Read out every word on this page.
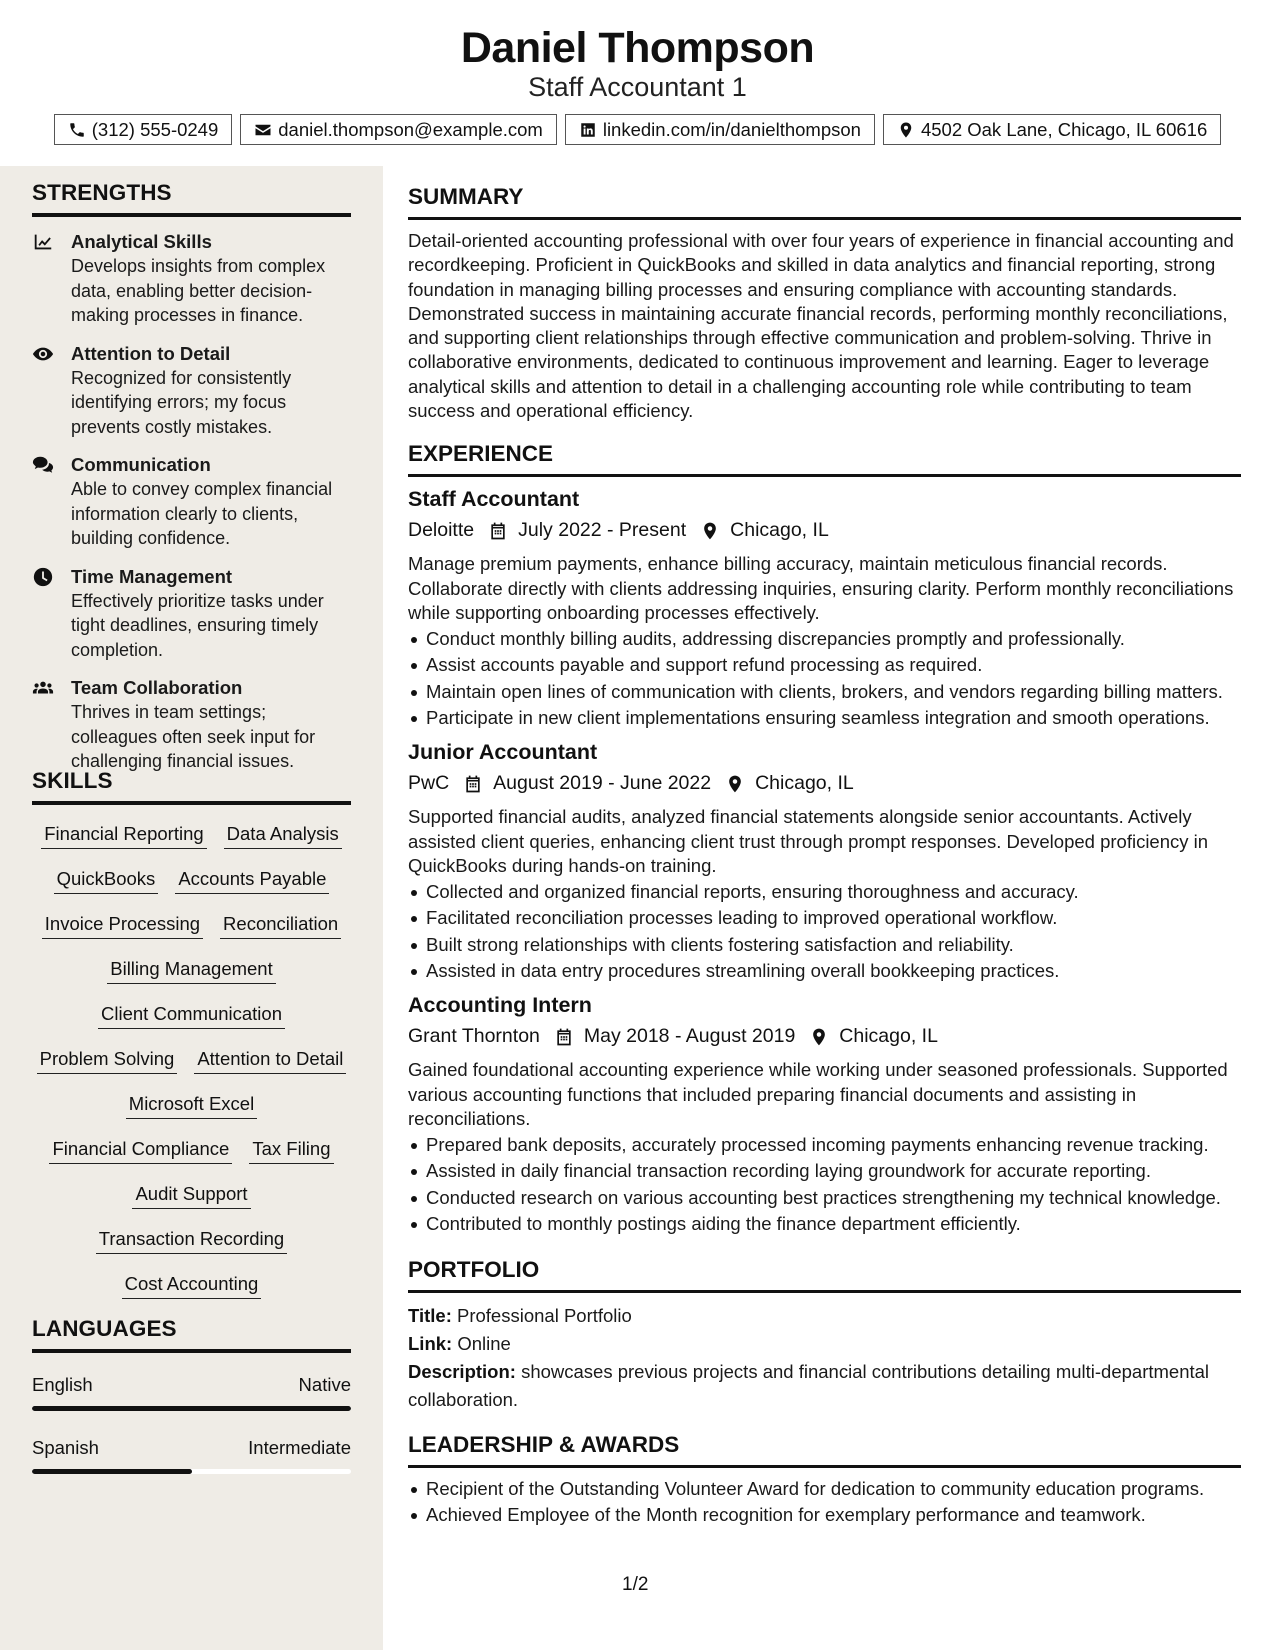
Daniel Thompson
Staff Accountant 1
(312) 555-0249	daniel.thompson@example.com	linkedin.com/in/danielthompson	4502 Oak Lane, Chicago, IL 60616
STRENGTHS
Analytical Skills
Develops insights from complex data, enabling better decision-making processes in finance.
Attention to Detail
Recognized for consistently identifying errors; my focus prevents costly mistakes.
Communication
Able to convey complex financial information clearly to clients, building confidence.
Time Management
Effectively prioritize tasks under tight deadlines, ensuring timely completion.
Team Collaboration
Thrives in team settings; colleagues often seek input for challenging financial issues.
SKILLS
Financial Reporting Data Analysis
QuickBooks Accounts Payable
Invoice Processing Reconciliation
Billing Management
Client Communication
Problem Solving Attention to Detail
Microsoft Excel
Financial Compliance Tax Filing
Audit Support
Transaction Recording
Cost Accounting
LANGUAGES
English	Native
Spanish	Intermediate
SUMMARY

Detail-oriented accounting professional with over four years of experience in financial accounting and recordkeeping. Proficient in QuickBooks and skilled in data analytics and financial reporting, strong foundation in managing billing processes and ensuring compliance with accounting standards. Demonstrated success in maintaining accurate financial records, performing monthly reconciliations, and supporting client relationships through effective communication and problem-solving. Thrive in collaborative environments, dedicated to continuous improvement and learning. Eager to leverage analytical skills and attention to detail in a challenging accounting role while contributing to team success and operational efficiency.

EXPERIENCE
Staff Accountant
Deloitte July 2022 - Present Chicago, IL

Manage premium payments, enhance billing accuracy, maintain meticulous financial records. Collaborate directly with clients addressing inquiries, ensuring clarity. Perform monthly reconciliations while supporting onboarding processes effectively.

Conduct monthly billing audits, addressing discrepancies promptly and professionally.
Assist accounts payable and support refund processing as required.
Maintain open lines of communication with clients, brokers, and vendors regarding billing matters.
Participate in new client implementations ensuring seamless integration and smooth operations.
Junior Accountant
PwC August 2019 - June 2022 Chicago, IL

Supported financial audits, analyzed financial statements alongside senior accountants. Actively assisted client queries, enhancing client trust through prompt responses. Developed proficiency in QuickBooks during hands-on training.

Collected and organized financial reports, ensuring thoroughness and accuracy.
Facilitated reconciliation processes leading to improved operational workflow.
Built strong relationships with clients fostering satisfaction and reliability.
Assisted in data entry procedures streamlining overall bookkeeping practices.
Accounting Intern
Grant Thornton May 2018 - August 2019 Chicago, IL

Gained foundational accounting experience while working under seasoned professionals. Supported various accounting functions that included preparing financial documents and assisting in reconciliations.

Prepared bank deposits, accurately processed incoming payments enhancing revenue tracking.
Assisted in daily financial transaction recording laying groundwork for accurate reporting.
Conducted research on various accounting best practices strengthening my technical knowledge.
Contributed to monthly postings aiding the finance department efficiently.
PORTFOLIO
Title: Professional Portfolio
Link: Online
Description: showcases previous projects and financial contributions detailing multi-departmental collaboration.
LEADERSHIP & AWARDS
Recipient of the Outstanding Volunteer Award for dedication to community education programs.
Achieved Employee of the Month recognition for exemplary performance and teamwork.
1/2
